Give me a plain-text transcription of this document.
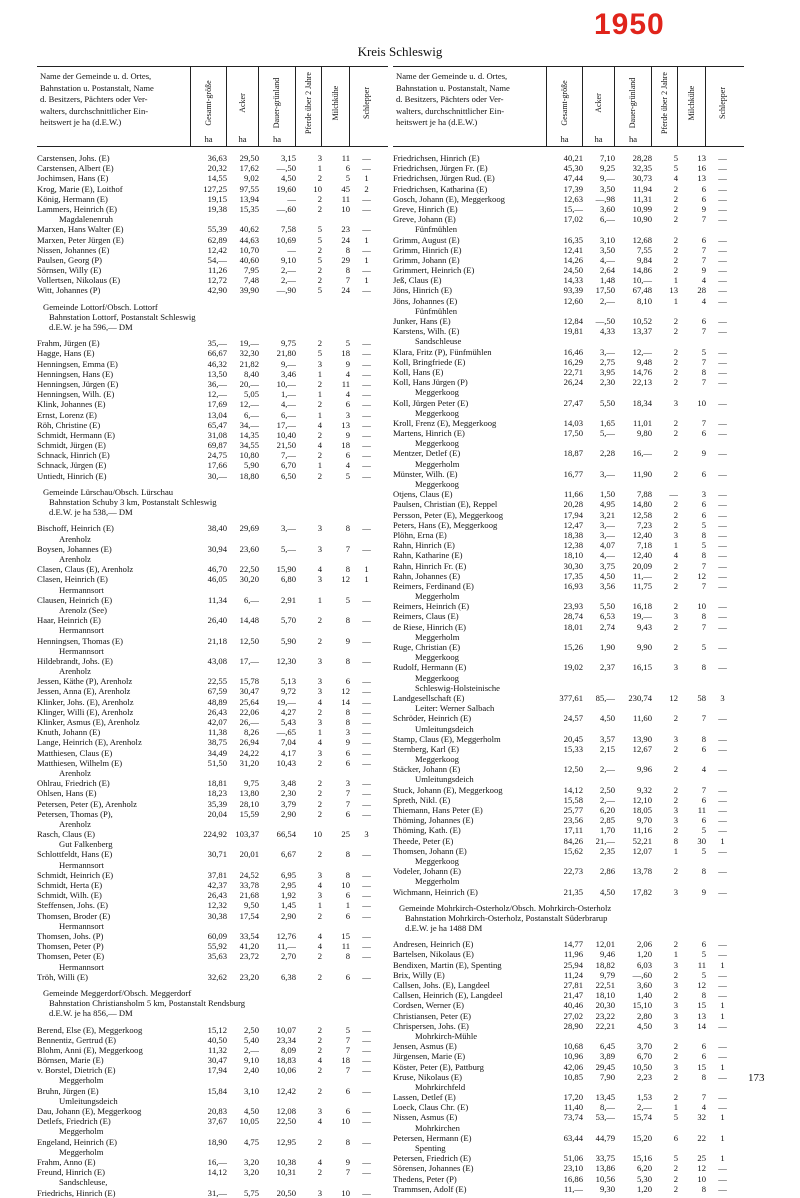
1950
Kreis Schleswig
Name der Gemeinde u. d. Ortes,
Bahnstation u. Postanstalt, Name
d. Besitzers, Pächters oder Ver-
walters, durchschnittlicher Ein-
heitswert je ha (d.E.W.)	Gesamt-größe
ha
Acker
ha
Dauer-grünland
ha
Pferde über 2 Jahre Milchkühe	Schlepper
Carstensen, Johs. (E)	36,63	29,50	3,15	3	11	—
Carstensen, Albert (E)	20,32	17,62	—,50	1	6	—
Jochimsen, Hans (E)	14,55	9,02	4,50	2	5	1
Krog, Marie (E), Loithof	127,25	97,55	19,60	10	45	2
König, Hermann (E)	19,15	13,94	—	2	11	—
Lammers, Heinrich (E)	19,38	15,35	—,60	2	10	—
Magdalenenruh
Marxen, Hans Walter (E)	55,39	40,62	7,58	5	23	—
Marxen, Peter Jürgen (E)	62,89	44,63	10,69	5	24	1
Nissen, Johannes (E)	12,42	10,70	—	2	8	—
Paulsen, Georg (P)	54,—	40,60	9,10	5	29	1
Sörnsen, Willy (E)	11,26	7,95	2,—	2	8	—
Vollertsen, Nikolaus (E)	12,72	7,48	2,—	2	7	1
Witt, Johannes (P)	42,90	39,90	—,90	5	24	—
Gemeinde Lottorf/Obsch. Lottorf
Bahnstation Lottorf, Postanstalt Schleswig
d.E.W. je ha 596,— DM
Frahm, Jürgen (E)	35,—	19,—	9,75	2	5	—
Hagge, Hans (E)	66,67	32,30	21,80	5	18	—
Henningsen, Emma (E)	46,32	21,82	9,—	3	9	—
Henningsen, Hans (E)	13,50	8,40	3,46	1	4	—
Henningsen, Jürgen (E)	36,—	20,—	10,—	2	11	—
Henningsen, Wilh. (E)	12,—	5,05	1,—	1	4	—
Klink, Johannes (E)	17,69	12,—	4,—	2	6	—
Ernst, Lorenz (E)	13,04	6,—	6,—	1	3	—
Röh, Christine (E)	65,47	34,—	17,—	4	13	—
Schmidt, Hermann (E)	31,08	14,35	10,40	2	9	—
Schmidt, Jürgen (E)	69,87	34,55	21,50	4	18	—
Schnack, Hinrich (E)	24,75	10,80	7,—	2	6	—
Schnack, Jürgen (E)	17,66	5,90	6,70	1	4	—
Untiedt, Hinrich (E)	30,—	18,80	6,50	2	5	—
Gemeinde Lürschau/Obsch. Lürschau
Bahnstation Schuby 3 km, Postanstalt Schleswig
d.E.W. je ha 538,— DM
Bischoff, Heinrich (E)	38,40	29,69	3,—	3	8	—
Arenholz
Boysen, Johannes (E)	30,94	23,60	5,—	3	7	—
Arenholz
Clasen, Claus (E), Arenholz	46,70	22,50	15,90	4	8	1
Clasen, Heinrich (E)	46,05	30,20	6,80	3	12	1
Hermannsort
Clausen, Heinrich (E)	11,34	6,—	2,91	1	5	—
Arenolz (See)
Haar, Heinrich (E)	26,40	14,48	5,70	2	8	—
Hermannsort
Henningsen, Thomas (E)	21,18	12,50	5,90	2	9	—
Hermannsort
Hildebrandt, Johs. (E)	43,08	17,—	12,30	3	8	—
Arenholz
Jessen, Käthe (P), Arenholz	22,55	15,78	5,13	3	6	—
Jessen, Anna (E), Arenholz	67,59	30,47	9,72	3	12	—
Klinker, Johs. (E), Arenholz	48,89	25,64	19,—	4	14	—
Klinger, Willi (E), Arenholz	26,43	22,06	4,27	2	8	—
Klinker, Asmus (E), Arenholz	42,07	26,—	5,43	3	8	—
Knuth, Johann (E)	11,38	8,26	—,65	1	3	—
Lange, Heinrich (E), Arenholz	38,75	26,94	7,04	4	9	—
Matthiesen, Claus (E)	34,49	24,22	4,17	3	6	—
Matthiesen, Wilhelm (E)	51,50	31,20	10,43	2	6	—
Arenholz
Ohlrau, Friedrich (E)	18,81	9,75	3,48	2	3	—
Ohlsen, Hans (E)	18,23	13,80	2,30	2	7	—
Petersen, Peter (E), Arenholz	35,39	28,10	3,79	2	7	—
Petersen, Thomas (P),	20,04	15,59	2,90	2	6	—
Arenholz
Rasch, Claus (E)	224,92 103,37	66,54	10	25	3
Gut Falkenberg
Schlottfeldt, Hans (E)	30,71	20,01	6,67	2	8	—
Hermannsort
Schmidt, Heinrich (E)	37,81	24,52	6,95	3	8	—
Schmidt, Herta (E)	42,37	33,78	2,95	4	10	—
Schmidt, Wilh. (E)	26,43	21,68	1,92	3	6	—
Steffensen, Johs. (E)	12,32	9,50	1,45	1	1	—
Thomsen, Broder (E)	30,38	17,54	2,90	2	6	—
Hermannsort
Thomsen, Johs. (P)	60,09	33,54	12,76	4	15	—
Thomsen, Peter (P)	55,92	41,20	11,—	4	11	—
Thomsen, Peter (E)	35,63	23,72	2,70	2	8	—
Hermannsort
Tröh, Willi (E)	32,62	23,20	6,38	2	6	—
Gemeinde Meggerdorf/Obsch. Meggerdorf
Bahnstation Christiansholm 5 km, Postanstalt Rendsburg
d.E.W. je ha 856,— DM
Berend, Else (E), Meggerkoog	15,12	2,50	10,07	2	5	—
Bennentiz, Gertrud (E)	40,50	5,40	23,34	2	7	—
Blohm, Anni (E), Meggerkoog	11,32	2,—	8,09	2	7	—
Börnsen, Marie (E)	30,47	9,10	18,83	4	18	—
v. Borstel, Dietrich (E)	17,94	2,40	10,06	2	7	—
Meggerholm
Bruhn, Jürgen (E)	15,84	3,10	12,42	2	6	—
Umleitungsdeich
Dau, Johann (E), Meggerkoog	20,83	4,50	12,08	3	6	—
Detlefs, Friedrich (E)	37,67	10,05	22,50	4	10	—
Meggerholm
Engeland, Heinrich (E)	18,90	4,75	12,95	2	8	—
Meggerholm
Frahm, Anno (E)	16,—	3,20	10,38	4	9	—
Freund, Hinrich (E)	14,12	3,20	10,31	2	7	—
Sandschleuse,
Friedrichs, Hinrich (E)	31,—	5,75	20,50	3	10	—
Name der Gemeinde u. d. Ortes,
Bahnstation u. Postanstalt, Name
d. Besitzers, Pächters oder Ver-
walters, durchschnittlicher Ein-
heitswert je ha (d.E.W.)	Gesamt-größe
ha
Acker
ha
Dauer-grünland
ha
Pferde über 2 Jahre Milchkühe	Schlepper
Friedrichsen, Hinrich (E)	40,21	7,10	28,28	5	13	—
Friedrichsen, Jürgen Fr. (E)	45,30	9,25	32,35	5	16	—
Friedrichsen, Jürgen Rud. (E)	47,44	9,—	30,73	4	13	—
Friedrichsen, Katharina (E)	17,39	3,50	11,94	2	6	—
Gosch, Johann (E), Meggerkoog	12,63	—,98	11,31	2	6	—
Greve, Hinrich (E)	15,—	3,60	10,99	2	9	—
Greve, Johann (E)	17,02	6,—	10,90	2	7	—
Fünfmühlen
Grimm, August (E)	16,35	3,10	12,68	2	6	—
Grimm, Hinrich (E)	12,41	3,50	7,55	2	7	—
Grimm, Johann (E)	14,26	4,—	9,84	2	7	—
Grimmert, Heinrich (E)	24,50	2,64	14,86	2	9	—
Jeß, Claus (E)	14,33	1,48	10,—	1	4	—
Jöns, Hinrich (E)	93,39	17,50	67,48	13	28	—
Jöns, Johannes (E)	12,60	2,—	8,10	1	4	—
Fünfmühlen
Junker, Hans (E)	12,84	—,50	10,52	2	6	—
Karstens, Wilh. (E)	19,81	4,33	13,37	2	7	—
Sandschleuse
Klara, Fritz (P), Fünfmühlen	16,46	3,—	12,—	2	5	—
Koll, Bringfriede (E)	16,29	2,75	9,48	2	7	—
Koll, Hans (E)	22,71	3,95	14,76	2	8	—
Koll, Hans Jürgen (P)	26,24	2,30	22,13	2	7	—
Meggerkoog
Koll, Jürgen Peter (E)	27,47	5,50	18,34	3	10	—
Meggerkoog
Kroll, Frenz (E), Meggerkoog	14,03	1,65	11,01	2	7	—
Martens, Hinrich (E)	17,50	5,—	9,80	2	6	—
Meggerkoog
Mentzer, Detlef (E)	18,87	2,28	16,—	2	9	—
Meggerholm
Münster, Wilh. (E)	16,77	3,—	11,90	2	6	—
Meggerkoog
Otjens, Claus (E)	11,66	1,50	7,88	—	3	—
Paulsen, Christian (E), Reppel	20,28	4,95	14,80	2	6	—
Persson, Peter (E), Meggerkoog	17,94	3,21	12,58	2	6	—
Peters, Hans (E), Meggerkoog	12,47	3,—	7,23	2	5	—
Plöhn, Erna (E)	18,38	3,—	12,40	3	8	—
Rahn, Hinrich (E)	12,38	4,07	7,18	1	5	—
Rahn, Katharine (E)	18,10	4,—	12,40	4	8	—
Rahn, Hinrich Fr. (E)	30,30	3,75	20,09	2	7	—
Rahn, Johannes (E)	17,35	4,50	11,—	2	12	—
Reimers, Ferdinand (E)	16,93	3,56	11,75	2	7	—
Meggerholm
Reimers, Heinrich (E)	23,93	5,50	16,18	2	10	—
Reimers, Claus (E)	28,74	6,53	19,—	3	8	—
de Riese, Hinrich (E)	18,01	2,74	9,43	2	7	—
Meggerholm
Ruge, Christian (E)	15,26	1,90	9,90	2	5	—
Meggerkoog
Rudolf, Hermann (E)	19,02	2,37	16,15	3	8	—
Meggerkoog
Schleswig-Holsteinische
Landgesellschaft (E)	377,61	85,—	230,74	12	58	3
Leiter: Werner Salbach
Schröder, Heinrich (E)	24,57	4,50	11,60	2	7	—
Umleitungsdeich
Stamp, Claus (E), Meggerholm	20,45	3,57	13,90	3	8	—
Sternberg, Karl (E)	15,33	2,15	12,67	2	6	—
Meggerkoog
Stäcker, Johann (E)	12,50	2,—	9,96	2	4	—
Umleitungsdeich
Stuck, Johann (E), Meggerkoog	14,12	2,50	9,32	2	7	—
Spreth, Nikl. (E)	15,58	2,—	12,10	2	6	—
Thiemann, Hans Peter (E)	25,77	6,20	18,05	3	11	—
Thöming, Johannes (E)	23,56	2,85	9,70	3	6	—
Thöming, Kath. (E)	17,11	1,70	11,16	2	5	—
Theede, Peter (E)	84,26	21,—	52,21	8	30	1
Thomsen, Johann (E)	15,62	2,35	12,07	1	5	—
Meggerkoog
Vodeler, Johann (E)	22,73	2,86	13,78	2	8	—
Meggerholm
Wichmann, Heinrich (E)	21,35	4,50	17,82	3	9	—
Gemeinde Mohrkirch-Osterholz/Obsch. Mohrkirch-Osterholz
Bahnstation Mohrkirch-Osterholz, Postanstalt Süderbrarup
d.E.W. je ha 1488 DM
Andresen, Heinrich (E)	14,77	12,01	2,06	2	6	—
Bartelsen, Nikolaus (E)	11,96	9,46	1,20	1	5	—
Bendixen, Martin (E), Spenting	25,94	18,82	6,03	3	11	1
Brix, Willy (E)	11,24	9,79	—,60	2	5	—
Callsen, Johs. (E), Langdeel	27,81	22,51	3,60	3	12	—
Callsen, Heinrich (E), Langdeel	21,47	18,10	1,40	2	8	—
Cordsen, Werner (E)	40,46	20,30	15,10	3	15	1
Christiansen, Peter (E)	27,02	23,22	2,80	3	13	1
Chrispersen, Johs. (E)	28,90	22,21	4,50	3	14	—
Mohrkirch-Mühle
Jensen, Asmus (E)	10,68	6,45	3,70	2	6	—
Jürgensen, Marie (E)	10,96	3,89	6,70	2	6	—
Köster, Peter (E), Pattburg	42,06	29,45	10,50	3	15	1
Kruse, Nikolaus (E)	10,85	7,90	2,23	2	8	—
Mohrkirchfeld
Lassen, Detlef (E)	17,20	13,45	1,53	2	7	—
Loeck, Claus Chr. (E)	11,40	8,—	2,—	1	4	—
Nissen, Asmus (E)	73,74	53,—	15,74	5	32	1
Mohrkirchen
Petersen, Hermann (E)	63,44	44,79	15,20	6	22	1
Spenting
Petersen, Friedrich (E)	51,06	33,75	15,16	5	25	1
Sörensen, Johannes (E)	23,10	13,86	6,20	2	12	—
Thedens, Peter (P)	16,86	10,56	5,30	2	10	—
Trammsen, Adolf (E)	11,—	9,30	1,20	2	8	—
173
